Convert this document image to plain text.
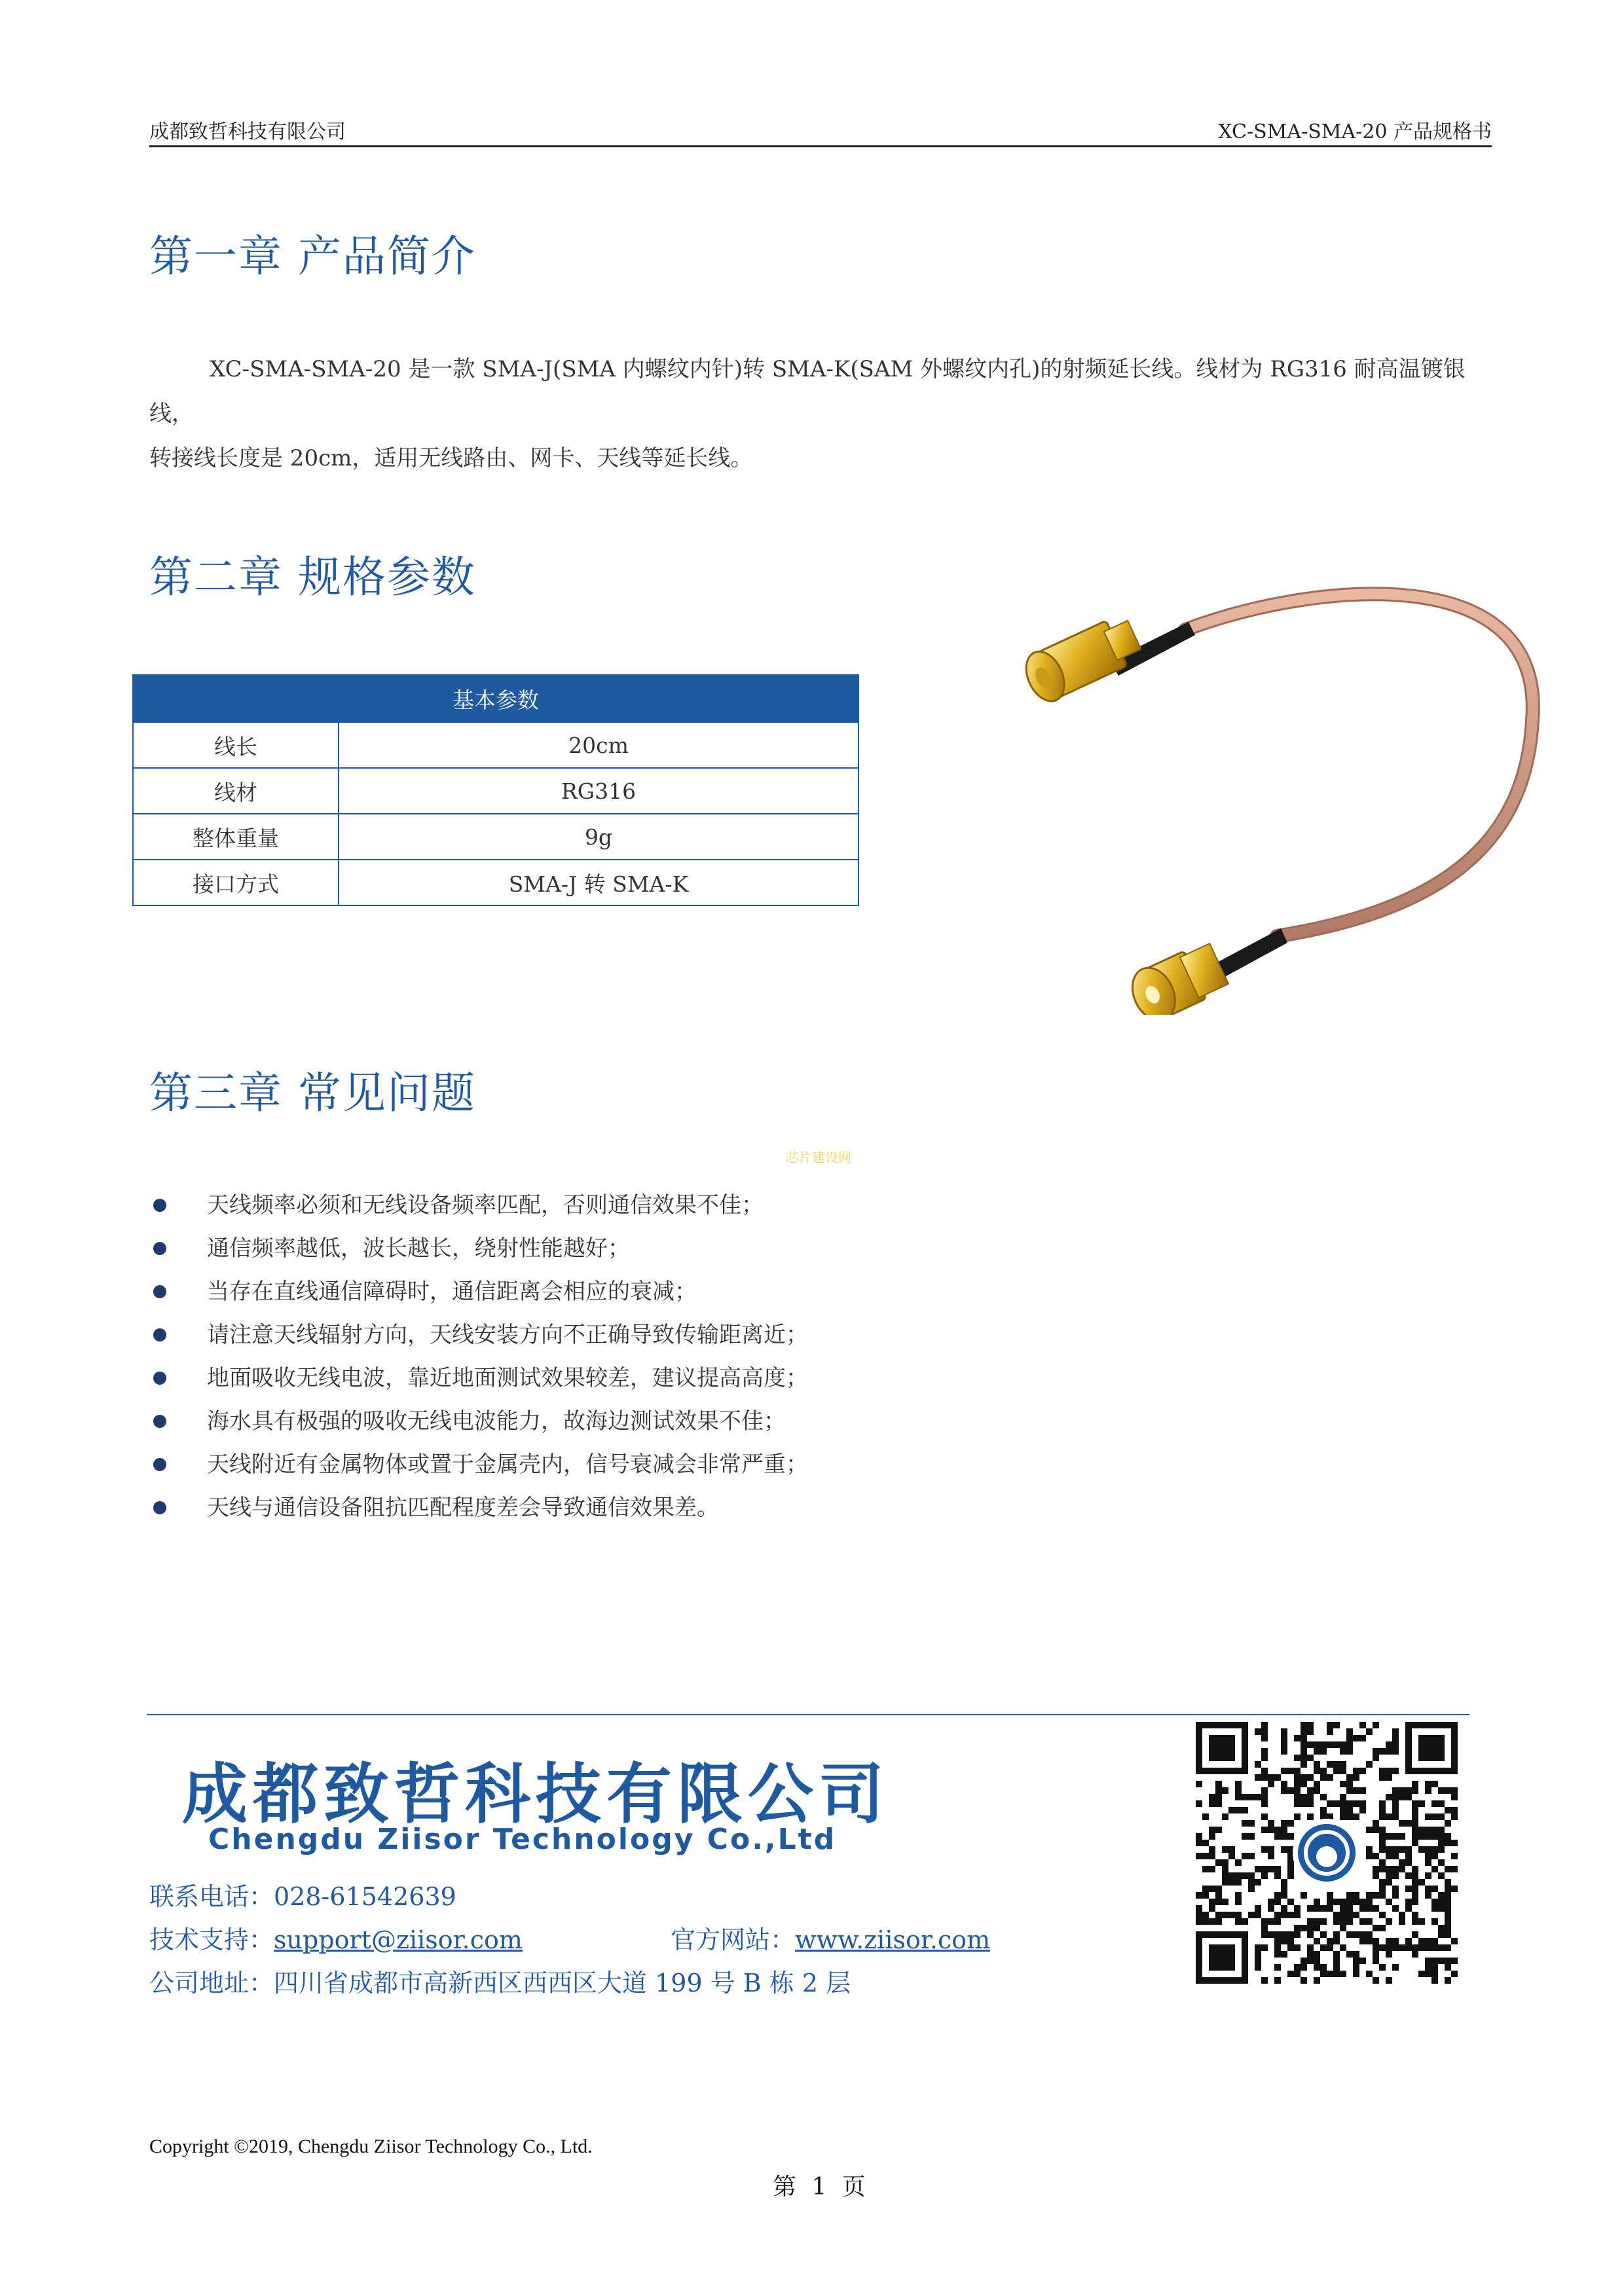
成都致哲科技有限公司	XC-SMA-SMA-20 产品规格书
第一章 产品简介
XC-SMA-SMA-20 是一款 SMA-J(SMA 内螺纹内针)转 SMA-K(SAM 外螺纹内孔)的射频延长线。线材为 RG316 耐高温镀银线，
转接线长度是 20cm，适用无线路由、网卡、天线等延长线。
第二章 规格参数
基本参数	
线长	20cm
线材	RG316
整体重量	9g
接口方式	SMA-J 转 SMA-K
第三章 常见问题
芯片建设网
天线频率必须和无线设备频率匹配，否则通信效果不佳；
通信频率越低，波长越长，绕射性能越好；
当存在直线通信障碍时，通信距离会相应的衰减；
请注意天线辐射方向，天线安装方向不正确导致传输距离近；
地面吸收无线电波，靠近地面测试效果较差，建议提高高度；
海水具有极强的吸收无线电波能力，故海边测试效果不佳；
天线附近有金属物体或置于金属壳内，信号衰减会非常严重；
天线与通信设备阻抗匹配程度差会导致通信效果差。
成都致哲科技有限公司
Chengdu Ziisor Technology Co.,Ltd
联系电话：028-61542639
技术支持：support@ziisor.com	官方网站：www.ziisor.com
公司地址：四川省成都市高新西区西西区大道 199 号 B 栋 2 层
Copyright ©2019, Chengdu Ziisor Technology Co., Ltd.
第 1 页
